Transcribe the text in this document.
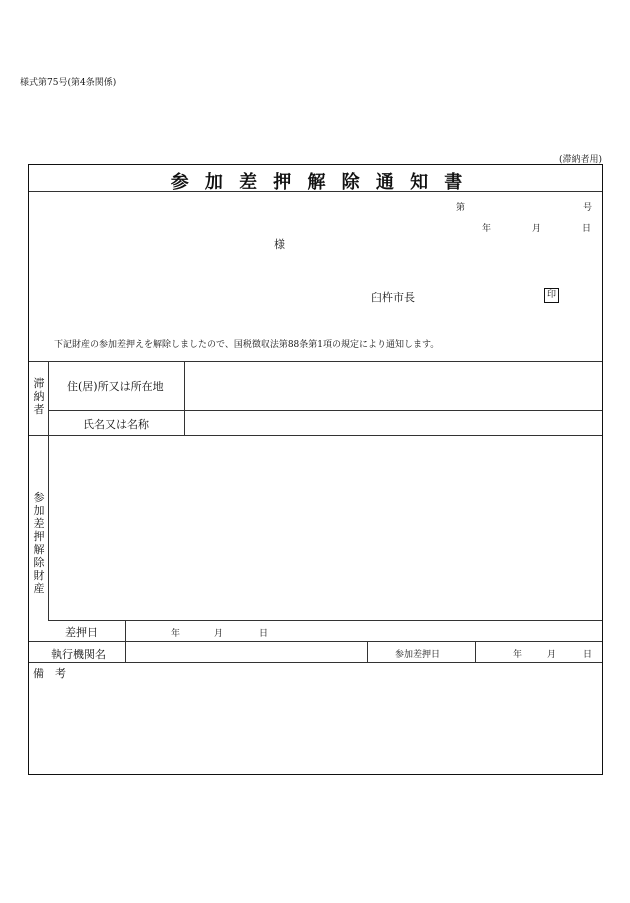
様式第75号(第4条関係)
(滞納者用)
参加差押解除通知書
第	号
年	月	日
様
臼杵市長	印
下記財産の参加差押えを解除しましたので、国税徴収法第88条第1項の規定により通知します。
滞納者
住(居)所又は所在地
氏名又は名称
参加差押解除財産
差押日	年	月	日
執行機関名	参加差押日	年	月	日
備　考
